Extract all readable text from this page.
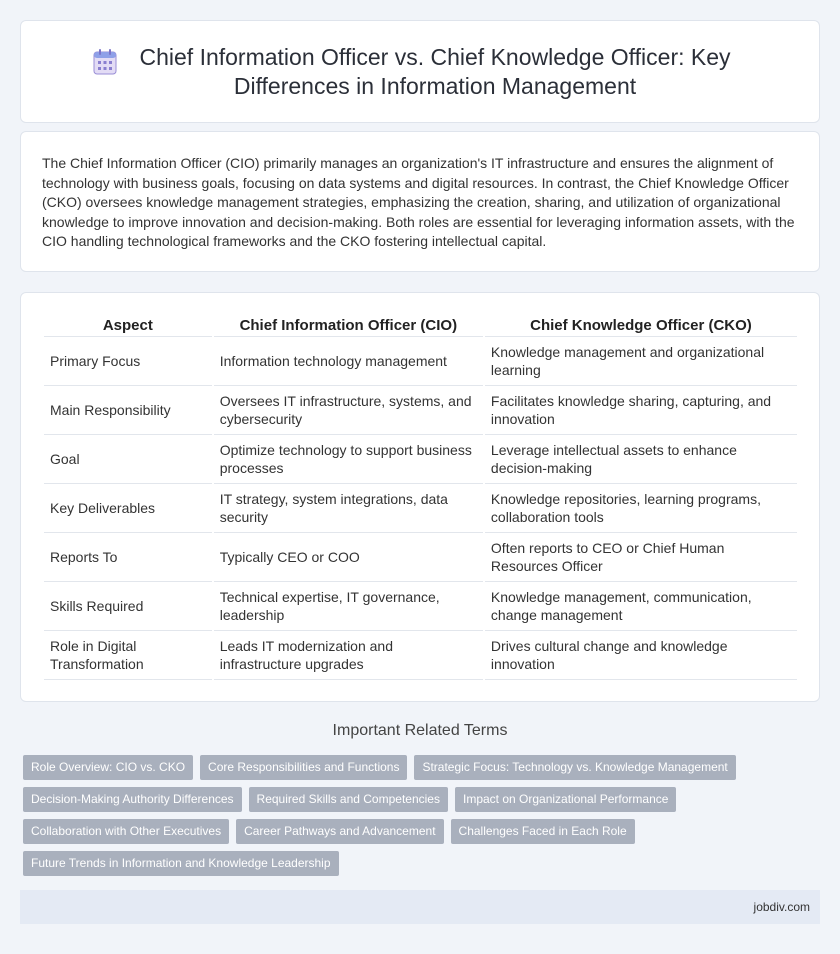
Chief Information Officer vs. Chief Knowledge Officer: Key Differences in Information Management

The Chief Information Officer (CIO) primarily manages an organization's IT infrastructure and ensures the alignment of technology with business goals, focusing on data systems and digital resources. In contrast, the Chief Knowledge Officer (CKO) oversees knowledge management strategies, emphasizing the creation, sharing, and utilization of organizational knowledge to improve innovation and decision-making. Both roles are essential for leveraging information assets, with the CIO handling technological frameworks and the CKO fostering intellectual capital.

Aspect	Chief Information Officer (CIO)	Chief Knowledge Officer (CKO)
Primary Focus	Information technology management	Knowledge management and organizational learning
Main Responsibility	Oversees IT infrastructure, systems, and cybersecurity	Facilitates knowledge sharing, capturing, and innovation
Goal	Optimize technology to support business processes	Leverage intellectual assets to enhance decision-making
Key Deliverables	IT strategy, system integrations, data security	Knowledge repositories, learning programs, collaboration tools
Reports To	Typically CEO or COO	Often reports to CEO or Chief Human Resources Officer
Skills Required	Technical expertise, IT governance, leadership	Knowledge management, communication, change management
Role in Digital Transformation	Leads IT modernization and infrastructure upgrades	Drives cultural change and knowledge innovation
Important Related Terms
Role Overview: CIO vs. CKO	Core Responsibilities and Functions	Strategic Focus: Technology vs. Knowledge Management
Decision-Making Authority Differences	Required Skills and Competencies	Impact on Organizational Performance
Collaboration with Other Executives	Career Pathways and Advancement	Challenges Faced in Each Role
Future Trends in Information and Knowledge Leadership
jobdiv.com
